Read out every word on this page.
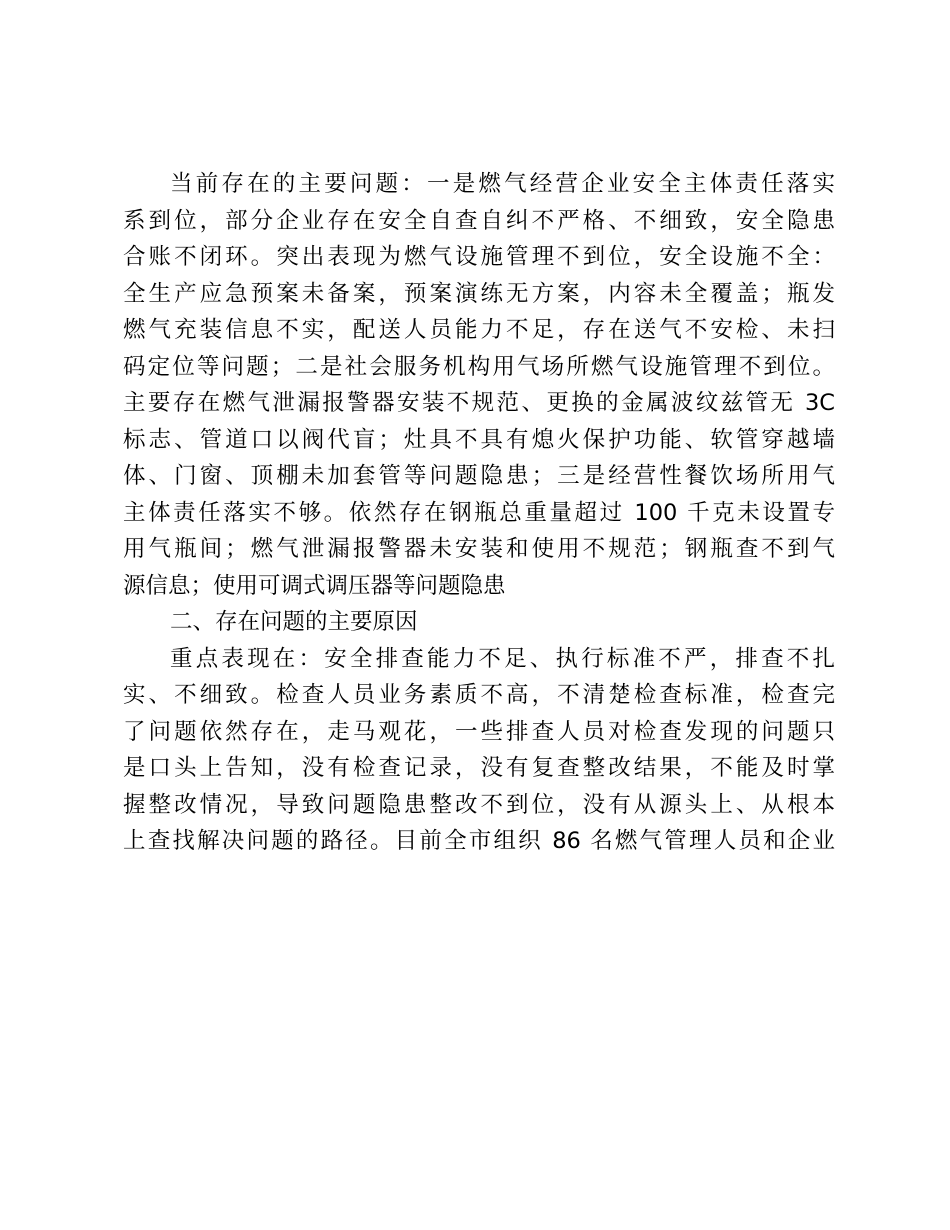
当前存在的主要问题：一是燃气经营企业安全主体责任落实
系到位，部分企业存在安全自查自纠不严格、不细致，安全隐患
合账不闭环。突出表现为燃气设施管理不到位，安全设施不全：
全生产应急预案未备案，预案演练无方案，内容未全覆盖；瓶发
燃气充装信息不实，配送人员能力不足，存在送气不安检、未扫
码定位等问题；二是社会服务机构用气场所燃气设施管理不到位。
主要存在燃气泄漏报警器安装不规范、更换的金属波纹兹管无 3C
标志、管道口以阀代盲；灶具不具有熄火保护功能、软管穿越墙
体、门窗、顶棚未加套管等问题隐患；三是经营性餐饮场所用气
主体责任落实不够。依然存在钢瓶总重量超过 100 千克未设置专
用气瓶间；燃气泄漏报警器未安装和使用不规范；钢瓶查不到气
源信息；使用可调式调压器等问题隐患
二、存在问题的主要原因
重点表现在：安全排查能力不足、执行标准不严，排查不扎
实、不细致。检查人员业务素质不高，不清楚检查标准，检查完
了问题依然存在，走马观花，一些排查人员对检查发现的问题只
是口头上告知，没有检查记录，没有复查整改结果，不能及时掌
握整改情况，导致问题隐患整改不到位，没有从源头上、从根本
上查找解决问题的路径。目前全市组织 86 名燃气管理人员和企业
